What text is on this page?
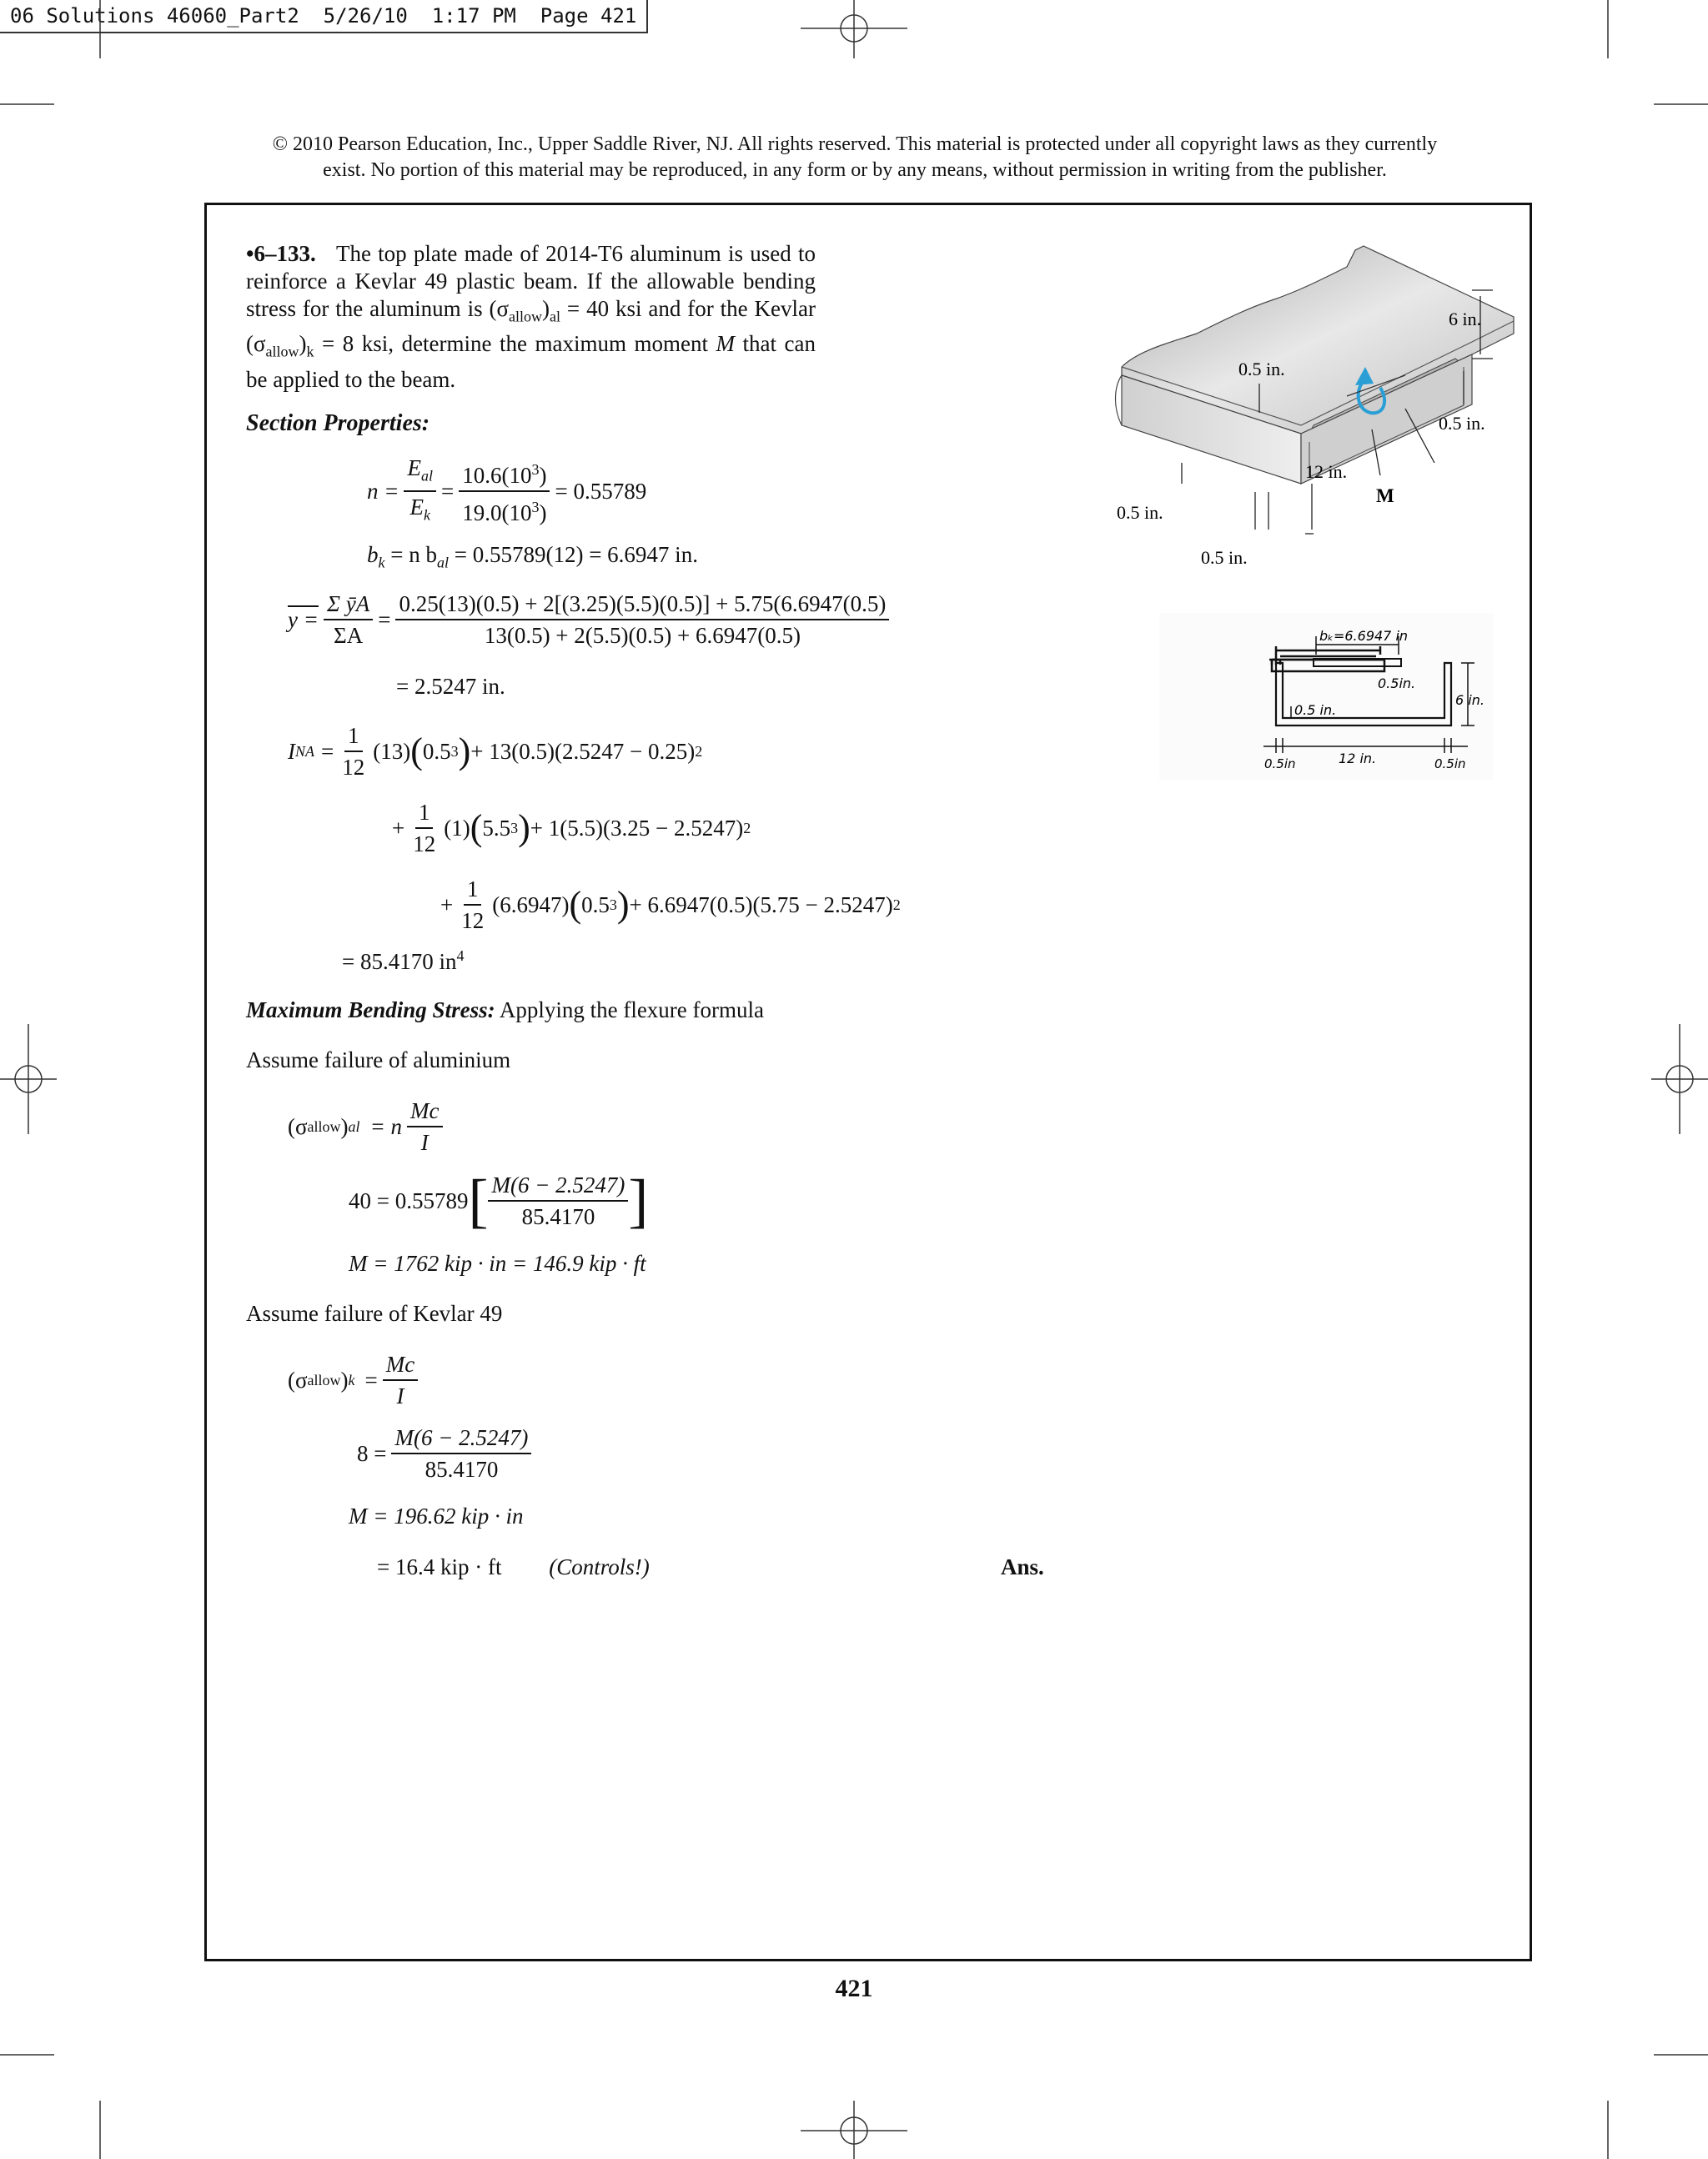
06 Solutions 46060_Part2  5/26/10  1:17 PM  Page 421
© 2010 Pearson Education, Inc., Upper Saddle River, NJ. All rights reserved. This material is protected under all copyright laws as they currently
exist. No portion of this material may be reproduced, in any form or by any means, without permission in writing from the publisher.
•6–133. The top plate made of 2014-T6 aluminum is used to reinforce a Kevlar 49 plastic beam. If the allowable bending stress for the aluminum is $(\sigma_{allow})_{al} = 40$ ksi and for the Kevlar $(\sigma_{allow})_k = 8$ ksi, determine the maximum moment M that can be applied to the beam.
Section Properties:
$n = \frac{E_{al}}{E_k} = \frac{10.6(10^3)}{19.0(10^3)} = 0.55789$
$b_k = n$ $b_{al} = 0.55789(12) = 6.6947$ in.
$y = \frac{\text{Σ ȳA}}{\Sigma A} = \frac{0.25(13)(0.5) + 2[(3.25)(5.5)(0.5)] + 5.75(6.6947(0.5)}{13(0.5) + 2(5.5)(0.5) + 6.6947(0.5)}$
= 2.5247 in.
I NA = $\frac{1}{12} (13)$ ( 0.5 3 ) + 13(0.5)(2.5247 − 0.25) 2
+ $\frac{1}{12} (1)$ ( 5.5 3 ) + 1(5.5)(3.25 − 2.5247) 2
+ $\frac{1}{12} (6.6947)$ ( 0.5 3 ) + 6.6947(0.5)(5.75 − 2.5247) 2
= 85.4170 $in^4$
Maximum Bending Stress: Applying the flexure formula
Assume failure of aluminium
(σ allow ) al = n $\frac{Mc}{I}$
40 = 0.55789 [ $\frac{M(6 - 2.5247)}{85.4170}$ ]
M = 1762 kip · in = 146.9 kip · ft
Assume failure of Kevlar 49
(σ allow ) $k = \frac{Mc}{I}$
$8 = \frac{M(6 - 2.5247)}{85.4170}$
M = 196.62 kip · in
= 16.4 kip · ft (Controls!)	Ans.
6 in.
0.5 in.
0.5 in.
12 in.
M
0.5 in.
0.5 in.
bₖ=6.6947 in
0.5in.
6 in.
0.5 in.
12 in.
0.5in	0.5in
421
